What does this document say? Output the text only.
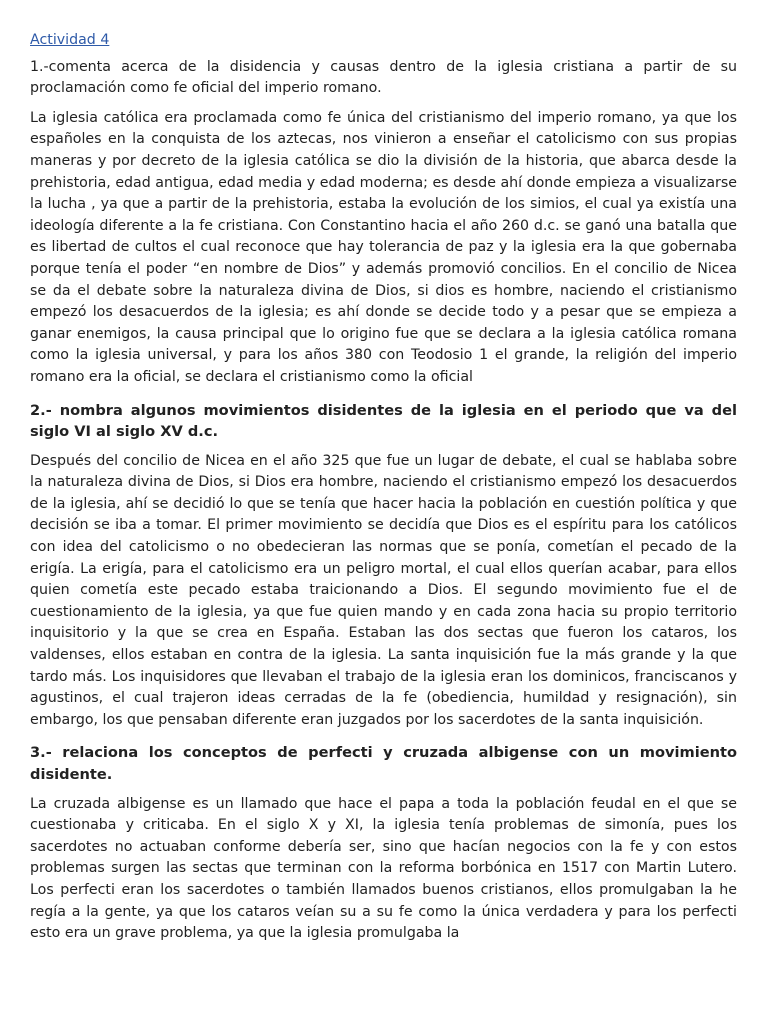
Actividad 4

1.-comenta acerca de la disidencia y causas dentro de la iglesia cristiana a partir de su proclamación como fe oficial del imperio romano.

La iglesia católica era proclamada como fe única del cristianismo del imperio romano, ya que los españoles en la conquista de los aztecas, nos vinieron a enseñar el catolicismo con sus propias maneras y por decreto de la iglesia católica se dio la división de la historia, que abarca desde la prehistoria, edad antigua, edad media y edad moderna; es desde ahí donde empieza a visualizarse la lucha , ya que a partir de la prehistoria, estaba la evolución de los simios, el cual ya existía una ideología diferente a la fe cristiana. Con Constantino hacia el año 260 d.c. se ganó una batalla que es libertad de cultos el cual reconoce que hay tolerancia de paz y la iglesia era la que gobernaba porque tenía el poder “en nombre de Dios” y además promovió concilios. En el concilio de Nicea se da el debate sobre la naturaleza divina de Dios, si dios es hombre, naciendo el cristianismo empezó los desacuerdos de la iglesia; es ahí donde se decide todo y a pesar que se empieza a ganar enemigos, la causa principal que lo origino fue que se declara a la iglesia católica romana como la iglesia universal, y para los años 380 con Teodosio 1 el grande, la religión del imperio romano era la oficial, se declara el cristianismo como la oficial

2.- nombra algunos movimientos disidentes de la iglesia en el periodo que va del siglo VI al siglo XV d.c.

Después del concilio de Nicea en el año 325 que fue un lugar de debate, el cual se hablaba sobre la naturaleza divina de Dios, si Dios era hombre, naciendo el cristianismo empezó los desacuerdos de la iglesia, ahí se decidió lo que se tenía que hacer hacia la población en cuestión política y que decisión se iba a tomar. El primer movimiento se decidía que Dios es el espíritu para los católicos con idea del catolicismo o no obedecieran las normas que se ponía, cometían el pecado de la erigía. La erigía, para el catolicismo era un peligro mortal, el cual ellos querían acabar, para ellos quien cometía este pecado estaba traicionando a Dios. El segundo movimiento fue el de cuestionamiento de la iglesia, ya que fue quien mando y en cada zona hacia su propio territorio inquisitorio y la que se crea en España. Estaban las dos sectas que fueron los cataros, los valdenses, ellos estaban en contra de la iglesia. La santa inquisición fue la más grande y la que tardo más. Los inquisidores que llevaban el trabajo de la iglesia eran los dominicos, franciscanos y agustinos, el cual trajeron ideas cerradas de la fe (obediencia, humildad y resignación), sin embargo, los que pensaban diferente eran juzgados por los sacerdotes de la santa inquisición.

3.- relaciona los conceptos de perfecti y cruzada albigense con un movimiento disidente.

La cruzada albigense es un llamado que hace el papa a toda la población feudal en el que se cuestionaba y criticaba. En el siglo X y XI, la iglesia tenía problemas de simonía, pues los sacerdotes no actuaban conforme debería ser, sino que hacían negocios con la fe y con estos problemas surgen las sectas que terminan con la reforma borbónica en 1517 con Martin Lutero. Los perfecti eran los sacerdotes o también llamados buenos cristianos, ellos promulgaban la he regía a la gente, ya que los cataros veían su a su fe como la única verdadera y para los perfecti esto era un grave problema, ya que la iglesia promulgaba la
